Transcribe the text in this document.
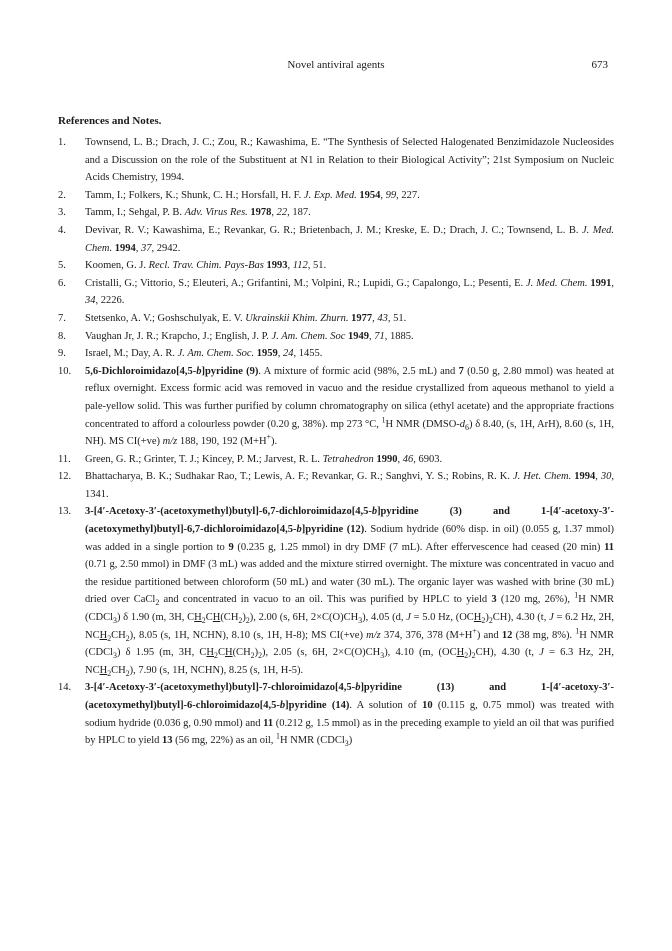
Novel antiviral agents	673
References and Notes.
1. Townsend, L. B.; Drach, J. C.; Zou, R.; Kawashima, E. “The Synthesis of Selected Halogenated Benzimidazole Nucleosides and a Discussion on the role of the Substituent at N1 in Relation to their Biological Activity”; 21st Symposium on Nucleic Acids Chemistry, 1994.
2. Tamm, I.; Folkers, K.; Shunk, C. H.; Horsfall, H. F. J. Exp. Med. 1954, 99, 227.
3. Tamm, I.; Sehgal, P. B. Adv. Virus Res. 1978, 22, 187.
4. Devivar, R. V.; Kawashima, E.; Revankar, G. R.; Brietenbach, J. M.; Kreske, E. D.; Drach, J. C.; Townsend, L. B. J. Med. Chem. 1994, 37, 2942.
5. Koomen, G. J. Recl. Trav. Chim. Pays-Bas 1993, 112, 51.
6. Cristalli, G.; Vittorio, S.; Eleuteri, A.; Grifantini, M.; Volpini, R.; Lupidi, G.; Capalongo, L.; Pesenti, E. J. Med. Chem. 1991, 34, 2226.
7. Stetsenko, A. V.; Goshschulyak, E. V. Ukrainskii Khim. Zhurn. 1977, 43, 51.
8. Vaughan Jr, J. R.; Krapcho, J.; English, J. P. J. Am. Chem. Soc 1949, 71, 1885.
9. Israel, M.; Day, A. R. J. Am. Chem. Soc. 1959, 24, 1455.
10. 5,6-Dichloroimidazo[4,5-b]pyridine (9). A mixture of formic acid (98%, 2.5 mL) and 7 (0.50 g, 2.80 mmol) was heated at reflux overnight. Excess formic acid was removed in vacuo and the residue crystallized from aqueous methanol to yield a pale-yellow solid. This was further purified by column chromatography on silica (ethyl acetate) and the appropriate fractions concentrated to afford a colourless powder (0.20 g, 38%). mp 273 °C, $^1$H NMR $(DMSO-d_6)$ δ 8.40, (s, 1H, ArH), 8.60 (s, 1H, NH). MS CI(+ve) m/z 188, 190, 192 (M+H+).
11. Green, G. R.; Grinter, T. J.; Kincey, P. M.; Jarvest, R. L. Tetrahedron 1990, 46, 6903.
12. Bhattacharya, B. K.; Sudhakar Rao, T.; Lewis, A. F.; Revankar, G. R.; Sanghvi, Y. S.; Robins, R. K. J. Het. Chem. 1994, 30, 1341.
13. 3-[4′-Acetoxy-3′-(acetoxymethyl)butyl]-6,7-dichloroimidazo[4,5-b]pyridine (3) and 1-[4′-acetoxy-3′-(acetoxymethyl)butyl]-6,7-dichloroimidazo[4,5-b]pyridine (12). Sodium hydride (60% disp. in oil) (0.055 g, 1.37 mmol) was added in a single portion to 9 (0.235 g, 1.25 mmol) in dry DMF (7 mL). After effervescence had ceased (20 min) 11 (0.71 g, 2.50 mmol) in DMF (3 mL) was added and the mixture stirred overnight. The mixture was concentrated in vacuo and the residue partitioned between chloroform (50 mL) and water (30 mL). The organic layer was washed with brine (30 mL) dried over CaCl$_2$ and concentrated in vacuo to an oil. This was purified by HPLC to yield 3 (120 mg, 26%), $^1$H NMR (CDCl$_3$) δ 1.90 (m, 3H, $CH_2CH(CH_2)_2$), 2.00 (s, 6H, $2\times C(O)CH_3$), 4.05 (d, J = 5.0 Hz, $(OCH_2)_2CH$), 4.30 (t, J = 6.2 Hz, 2H, $NCH_2CH_2$), 8.05 (s, 1H, NCHN), 8.10 (s, 1H, H-8); MS CI(+ve) m/z 374, 376, 378 (M+H+) and 12 (38 mg, 8%). $^1$H NMR (CDCl$_3$) δ 1.95 (m, 3H, $CH_2CH(CH_2)_2$), 2.05 (s, 6H, $2\times C(O)CH_3$), 4.10 (m, $(OCH_2)_2CH$), 4.30 (t, J = 6.3 Hz, 2H, $NCH_2CH_2$), 7.90 (s, 1H, NCHN), 8.25 (s, 1H, H-5).
14. 3-[4′-Acetoxy-3′-(acetoxymethyl)butyl]-7-chloroimidazo[4,5-b]pyridine (13) and 1-[4′-acetoxy-3′-(acetoxymethyl)butyl]-6-chloroimidazo[4,5-b]pyridine (14). A solution of 10 (0.115 g, 0.75 mmol) was treated with sodium hydride (0.036 g, 0.90 mmol) and 11 (0.212 g, 1.5 mmol) as in the preceding example to yield an oil that was purified by HPLC to yield 13 (56 mg, 22%) as an oil, $^1$H NMR (CDCl$_3$)
